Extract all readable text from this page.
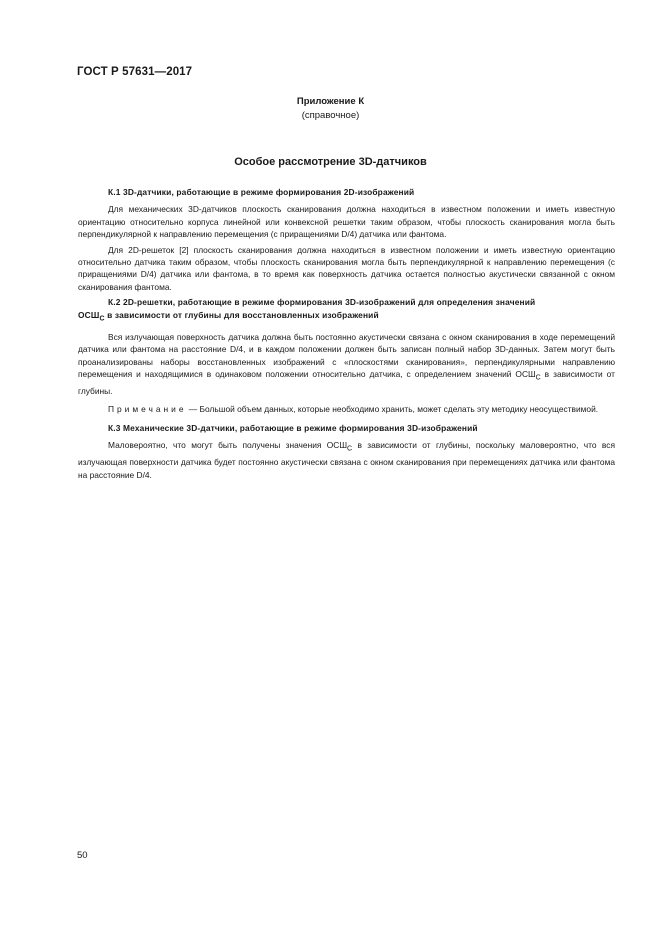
ГОСТ Р 57631—2017
Приложение К
(справочное)
Особое рассмотрение 3D-датчиков
К.1 3D-датчики, работающие в режиме формирования 2D-изображений
Для механических 3D-датчиков плоскость сканирования должна находиться в известном положении и иметь известную ориентацию относительно корпуса линейной или конвексной решетки таким образом, чтобы плоскость сканирования могла быть перпендикулярной к направлению перемещения (с приращениями D/4) датчика или фантома.
Для 2D-решеток [2] плоскость сканирования должна находиться в известном положении и иметь известную ориентацию относительно датчика таким образом, чтобы плоскость сканирования могла быть перпендикулярной к направлению перемещения (с приращениями D/4) датчика или фантома, в то время как поверхность датчика остается полностью акустически связанной с окном сканирования фантома.
К.2 2D-решетки, работающие в режиме формирования 3D-изображений для определения значений
$ОСШ_С$ в зависимости от глубины для восстановленных изображений
Вся излучающая поверхность датчика должна быть постоянно акустически связана с окном сканирования в ходе перемещений датчика или фантома на расстояние D/4, и в каждом положении должен быть записан полный набор 3D-данных. Затем могут быть проанализированы наборы восстановленных изображений с «плоскостями сканирования», перпендикулярными направлению перемещения и находящимися в одинаковом положении относительно датчика, с определением значений $ОСШ_С$ в зависимости от глубины.
Примечание — Большой объем данных, которые необходимо хранить, может сделать эту методику неосуществимой.
К.3 Механические 3D-датчики, работающие в режиме формирования 3D-изображений
Маловероятно, что могут быть получены значения $ОСШ_С$ в зависимости от глубины, поскольку маловероятно, что вся излучающая поверхности датчика будет постоянно акустически связана с окном сканирования при перемещениях датчика или фантома на расстояние D/4.
50
